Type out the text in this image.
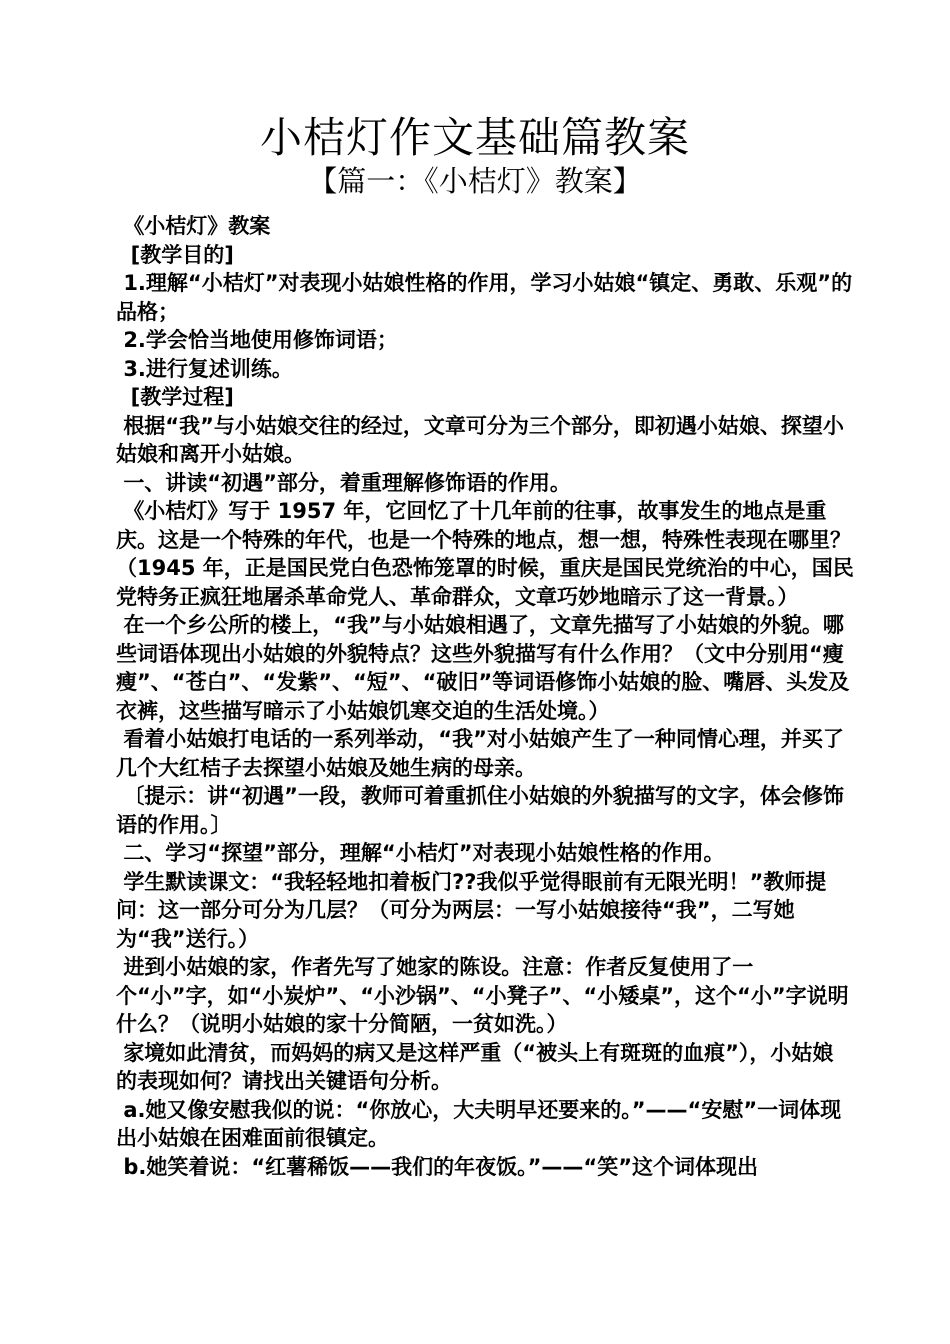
小桔灯作文基础篇教案
【篇一：《小桔灯》教案】

《小桔灯》教案

[教学目的]

1.理解“小桔灯”对表现小姑娘性格的作用，学习小姑娘“镇定、勇敢、乐观”的品格；

2.学会恰当地使用修饰词语；

3.进行复述训练。

[教学过程]

根据“我”与小姑娘交往的经过，文章可分为三个部分，即初遇小姑娘、探望小姑娘和离开小姑娘。

一、讲读“初遇”部分，着重理解修饰语的作用。

《小桔灯》写于 1957 年，它回忆了十几年前的往事，故事发生的地点是重庆。这是一个特殊的年代，也是一个特殊的地点，想一想，特殊性表现在哪里？（1945 年，正是国民党白色恐怖笼罩的时候，重庆是国民党统治的中心，国民党特务正疯狂地屠杀革命党人、革命群众，文章巧妙地暗示了这一背景。）

在一个乡公所的楼上，“我”与小姑娘相遇了，文章先描写了小姑娘的外貌。哪些词语体现出小姑娘的外貌特点？这些外貌描写有什么作用？（文中分别用“瘦瘦”、“苍白”、“发紫”、“短”、“破旧”等词语修饰小姑娘的脸、嘴唇、头发及衣裤，这些描写暗示了小姑娘饥寒交迫的生活处境。）

看着小姑娘打电话的一系列举动，“我”对小姑娘产生了一种同情心理，并买了几个大红桔子去探望小姑娘及她生病的母亲。

〔提示：讲“初遇”一段，教师可着重抓住小姑娘的外貌描写的文字，体会修饰语的作用。〕

二、学习“探望”部分，理解“小桔灯”对表现小姑娘性格的作用。

学生默读课文：“我轻轻地扣着板门??我似乎觉得眼前有无限光明！”教师提问：这一部分可分为几层？（可分为两层：一写小姑娘接待“我”，二写她为“我”送行。）

进到小姑娘的家，作者先写了她家的陈设。注意：作者反复使用了一个“小”字，如“小炭炉”、“小沙锅”、“小凳子”、“小矮桌”，这个“小”字说明什么？（说明小姑娘的家十分简陋，一贫如洗。）

家境如此清贫，而妈妈的病又是这样严重（“被头上有斑斑的血痕”），小姑娘的表现如何？请找出关键语句分析。

a.她又像安慰我似的说：“你放心，大夫明早还要来的。”——“安慰”一词体现出小姑娘在困难面前很镇定。

b.她笑着说：“红薯稀饭——我们的年夜饭。”——“笑”这个词体现出
